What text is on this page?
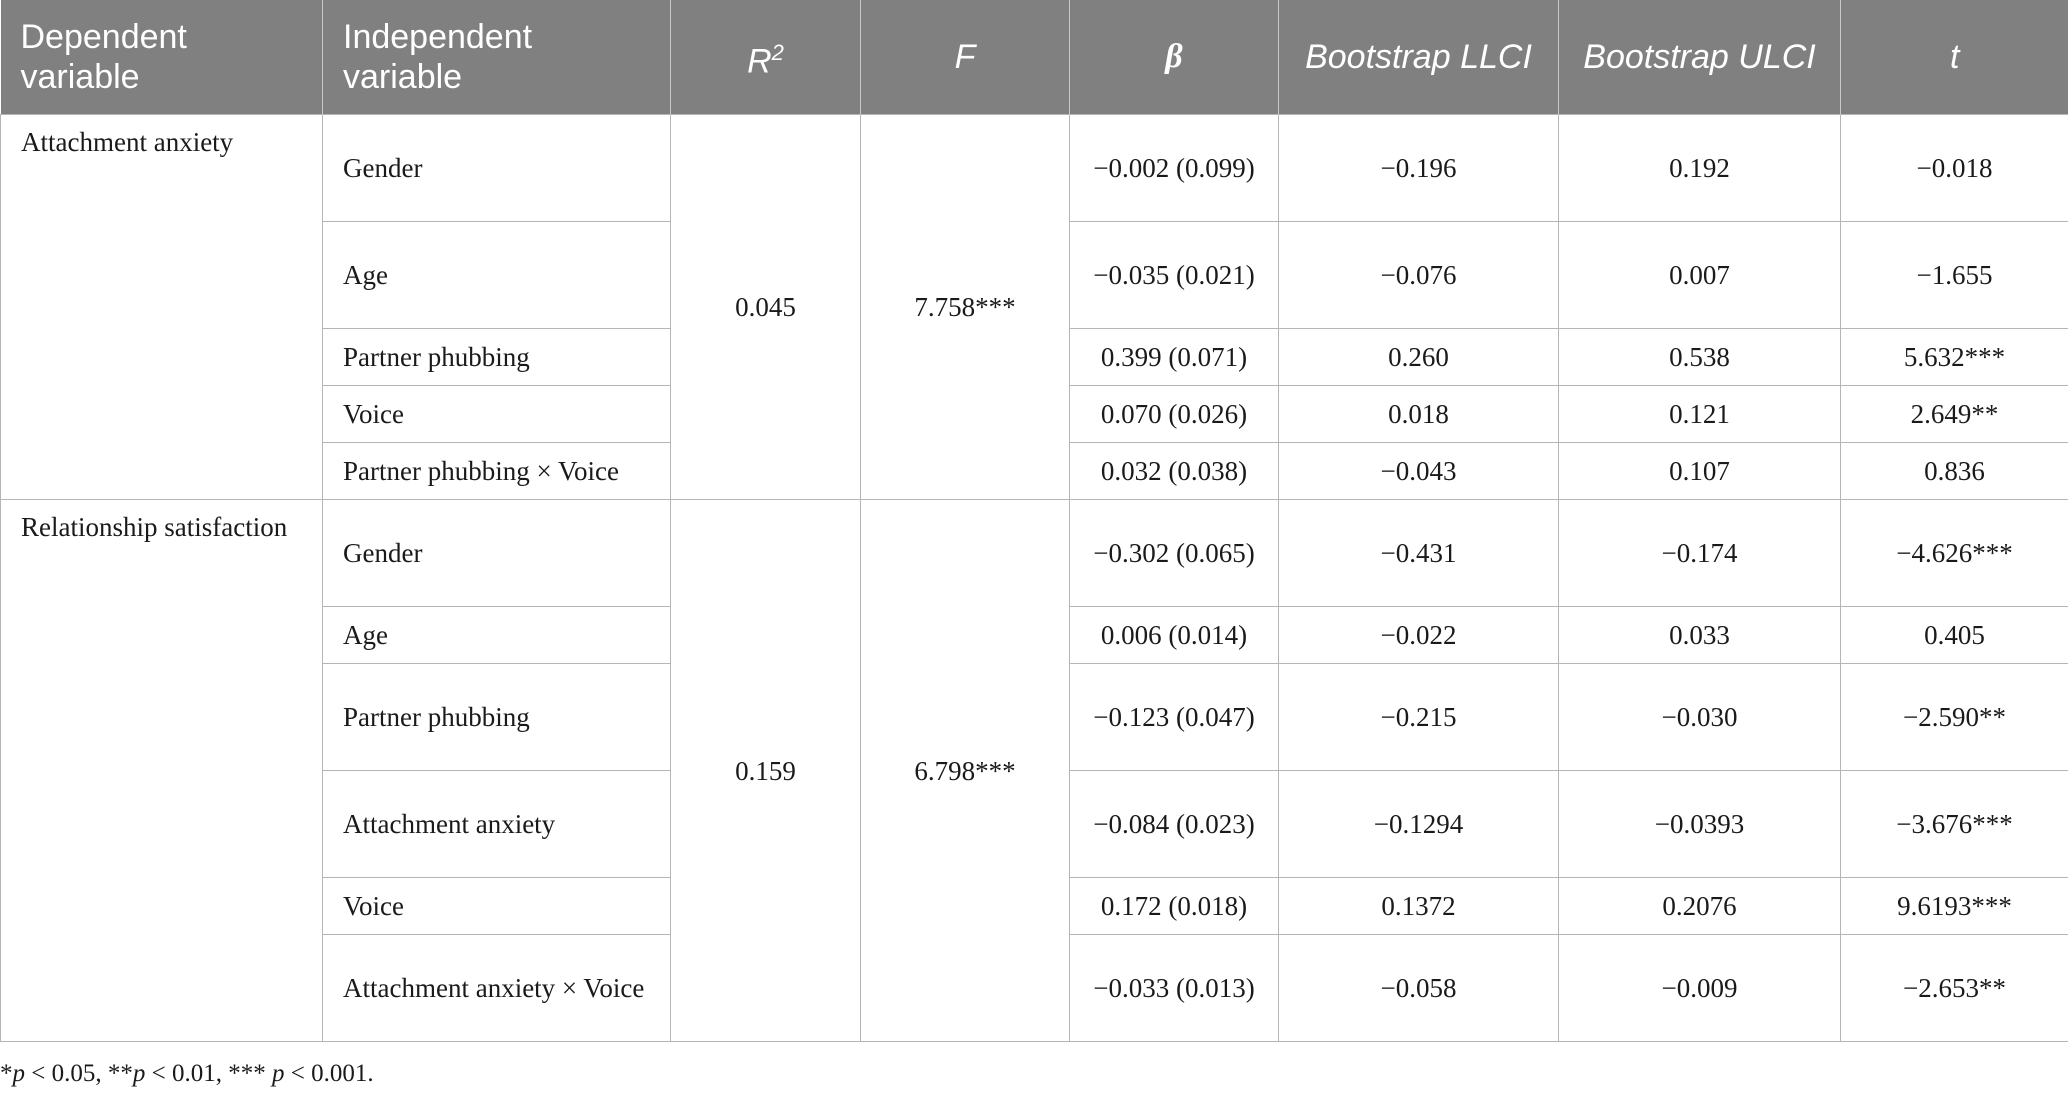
Dependent variable	Independent variable	$R^2$	F	β	Bootstrap LLCI	Bootstrap ULCI	t
Attachment anxiety	Gender	0.045	7.758***	−0.002 (0.099)	−0.196	0.192	−0.018
	Age			−0.035 (0.021)	−0.076	0.007	−1.655
	Partner phubbing			0.399 (0.071)	0.260	0.538	5.632***
	Voice			0.070 (0.026)	0.018	0.121	2.649**
	Partner phubbing × Voice			0.032 (0.038)	−0.043	0.107	0.836
Relationship satisfaction	Gender	0.159	6.798***	−0.302 (0.065)	−0.431	−0.174	−4.626***
	Age			0.006 (0.014)	−0.022	0.033	0.405
	Partner phubbing			−0.123 (0.047)	−0.215	−0.030	−2.590**
	Attachment anxiety			−0.084 (0.023)	−0.1294	−0.0393	−3.676***
	Voice			0.172 (0.018)	0.1372	0.2076	9.6193***
	Attachment anxiety × Voice			−0.033 (0.013)	−0.058	−0.009	−2.653**
*p < 0.05, **p < 0.01, *** p < 0.001.
